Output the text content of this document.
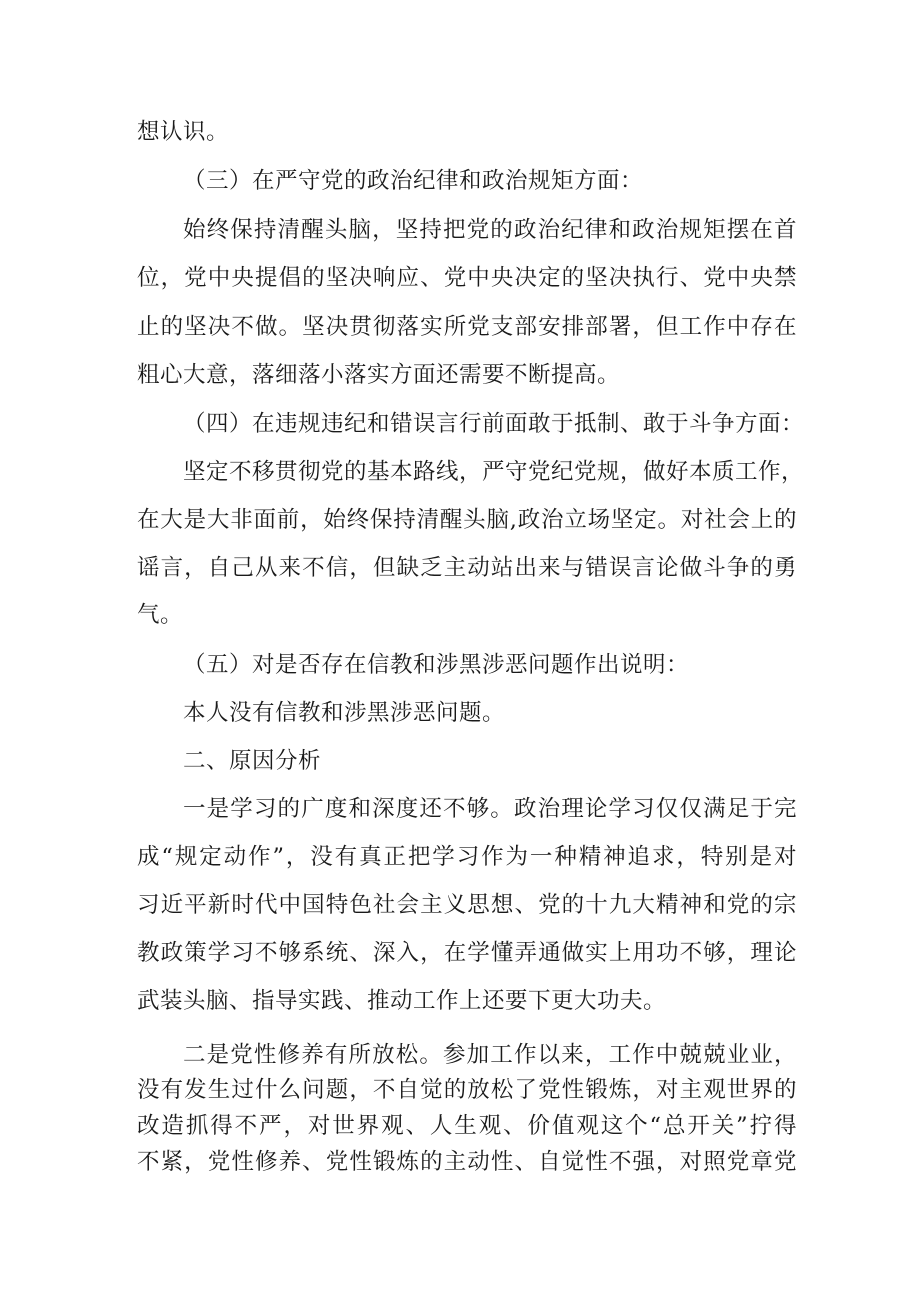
想认识。
（三）在严守党的政治纪律和政治规矩方面：
始终保持清醒头脑，坚持把党的政治纪律和政治规矩摆在首
位，党中央提倡的坚决响应、党中央决定的坚决执行、党中央禁
止的坚决不做。坚决贯彻落实所党支部安排部署，但工作中存在
粗心大意，落细落小落实方面还需要不断提高。
（四）在违规违纪和错误言行前面敢于抵制、敢于斗争方面：
坚定不移贯彻党的基本路线，严守党纪党规，做好本质工作，
在大是大非面前，始终保持清醒头脑,政治立场坚定。对社会上的
谣言，自己从来不信，但缺乏主动站出来与错误言论做斗争的勇
气。
（五）对是否存在信教和涉黑涉恶问题作出说明：
本人没有信教和涉黑涉恶问题。
二、原因分析
一是学习的广度和深度还不够。政治理论学习仅仅满足于完
成“规定动作”，没有真正把学习作为一种精神追求，特别是对
习近平新时代中国特色社会主义思想、党的十九大精神和党的宗
教政策学习不够系统、深入，在学懂弄通做实上用功不够，理论
武装头脑、指导实践、推动工作上还要下更大功夫。
二是党性修养有所放松。参加工作以来，工作中兢兢业业，
没有发生过什么问题，不自觉的放松了党性锻炼，对主观世界的
改造抓得不严，对世界观、人生观、价值观这个“总开关”拧得
不紧，党性修养、党性锻炼的主动性、自觉性不强，对照党章党
